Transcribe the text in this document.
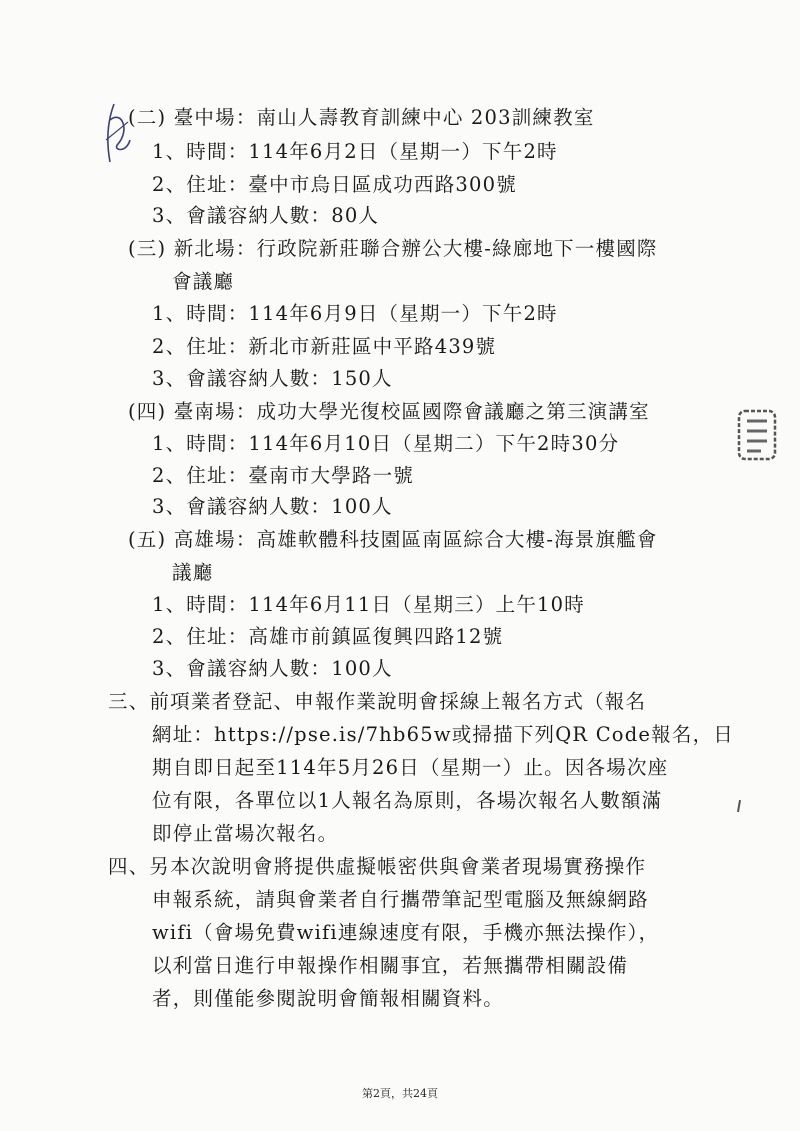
(二) 臺中場：南山人壽教育訓練中心 203訓練教室
1、時間：114年6月2日（星期一）下午2時
2、住址：臺中市烏日區成功西路300號
3、會議容納人數：80人
(三) 新北場：行政院新莊聯合辦公大樓-綠廊地下一樓國際
會議廳
1、時間：114年6月9日（星期一）下午2時
2、住址：新北市新莊區中平路439號
3、會議容納人數：150人
(四) 臺南場：成功大學光復校區國際會議廳之第三演講室
1、時間：114年6月10日（星期二）下午2時30分
2、住址：臺南市大學路一號
3、會議容納人數：100人
(五) 高雄場：高雄軟體科技園區南區綜合大樓-海景旗艦會
議廳
1、時間：114年6月11日（星期三）上午10時
2、住址：高雄市前鎮區復興四路12號
3、會議容納人數：100人
三、前項業者登記、申報作業說明會採線上報名方式（報名
網址：https://pse.is/7hb65w或掃描下列QR Code報名，日
期自即日起至114年5月26日（星期一）止。因各場次座
位有限，各單位以1人報名為原則，各場次報名人數額滿
即停止當場次報名。
四、另本次說明會將提供虛擬帳密供與會業者現場實務操作
申報系統，請與會業者自行攜帶筆記型電腦及無線網路
wifi（會場免費wifi連線速度有限，手機亦無法操作），
以利當日進行申報操作相關事宜，若無攜帶相關設備
者，則僅能參閱說明會簡報相關資料。
第2頁，共24頁
